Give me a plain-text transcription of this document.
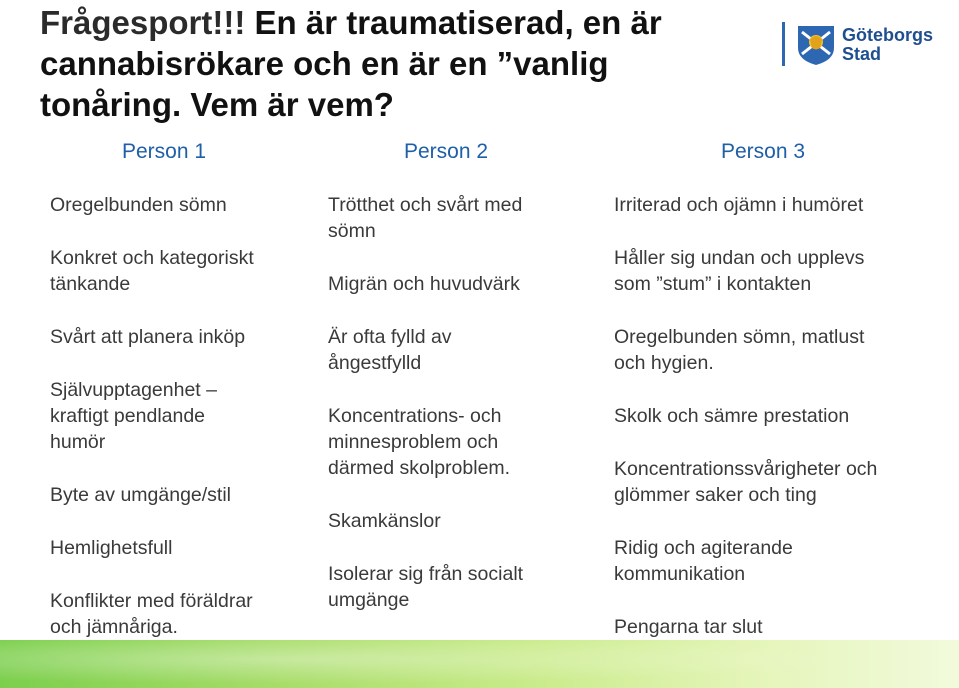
Frågesport!!! En är traumatiserad, en är cannabisrökare och en är en ”vanlig tonåring. Vem är vem?
Göteborgs
Stad
Person 1	Person 2	Person 3
Oregelbunden sömn
Konkret och kategoriskt
tänkande
Svårt att planera inköp
Självupptagenhet –
kraftigt pendlande
humör
Byte av umgänge/stil
Hemlighetsfull
Konflikter med föräldrar
och jämnåriga.
Trötthet och svårt med
sömn
Migrän och huvudvärk
Är ofta fylld av
ångestfylld
Koncentrations- och
minnesproblem och
därmed skolproblem.
Skamkänslor
Isolerar sig från socialt
umgänge
Irriterad och ojämn i humöret
Håller sig undan och upplevs
som ”stum” i kontakten
Oregelbunden sömn, matlust
och hygien.
Skolk och sämre prestation
Koncentrationssvårigheter och
glömmer saker och ting
Ridig och agiterande
kommunikation
Pengarna tar slut
